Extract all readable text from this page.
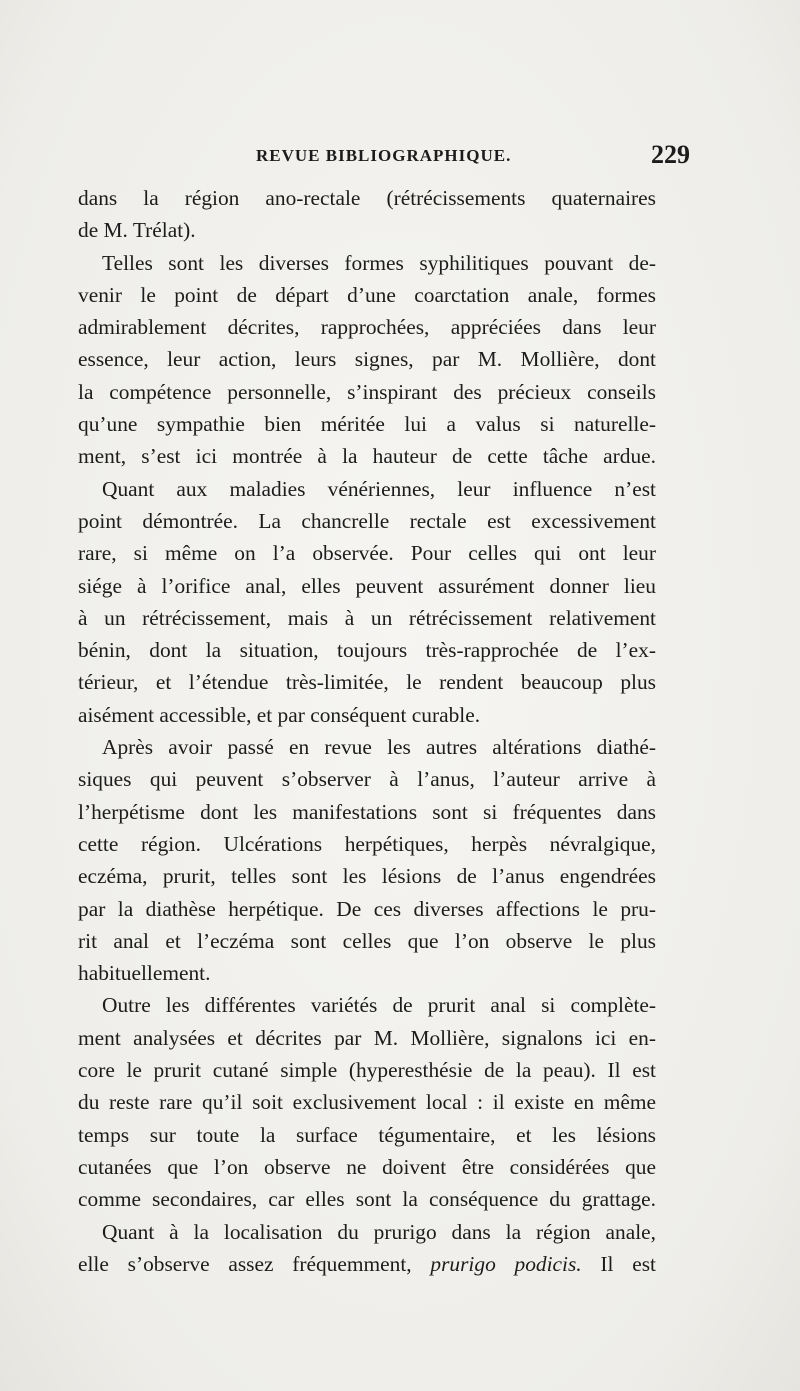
REVUE BIBLIOGRAPHIQUE.	229
dans la région ano-rectale (rétrécissements quaternaires
de M. Trélat).
Telles sont les diverses formes syphilitiques pouvant de-
venir le point de départ d’une coarctation anale, formes
admirablement décrites, rapprochées, appréciées dans leur
essence, leur action, leurs signes, par M. Mollière, dont
la compétence personnelle, s’inspirant des précieux conseils
qu’une sympathie bien méritée lui a valus si naturelle-
ment, s’est ici montrée à la hauteur de cette tâche ardue.
Quant aux maladies vénériennes, leur influence n’est
point démontrée. La chancrelle rectale est excessivement
rare, si même on l’a observée. Pour celles qui ont leur
siége à l’orifice anal, elles peuvent assurément donner lieu
à un rétrécissement, mais à un rétrécissement relativement
bénin, dont la situation, toujours très-rapprochée de l’ex-
térieur, et l’étendue très-limitée, le rendent beaucoup plus
aisément accessible, et par conséquent curable.
Après avoir passé en revue les autres altérations diathé-
siques qui peuvent s’observer à l’anus, l’auteur arrive à
l’herpétisme dont les manifestations sont si fréquentes dans
cette région. Ulcérations herpétiques, herpès névralgique,
eczéma, prurit, telles sont les lésions de l’anus engendrées
par la diathèse herpétique. De ces diverses affections le pru-
rit anal et l’eczéma sont celles que l’on observe le plus
habituellement.
Outre les différentes variétés de prurit anal si complète-
ment analysées et décrites par M. Mollière, signalons ici en-
core le prurit cutané simple (hyperesthésie de la peau). Il est
du reste rare qu’il soit exclusivement local : il existe en même
temps sur toute la surface tégumentaire, et les lésions
cutanées que l’on observe ne doivent être considérées que
comme secondaires, car elles sont la conséquence du grattage.
Quant à la localisation du prurigo dans la région anale,
elle s’observe assez fréquemment, prurigo podicis. Il est
